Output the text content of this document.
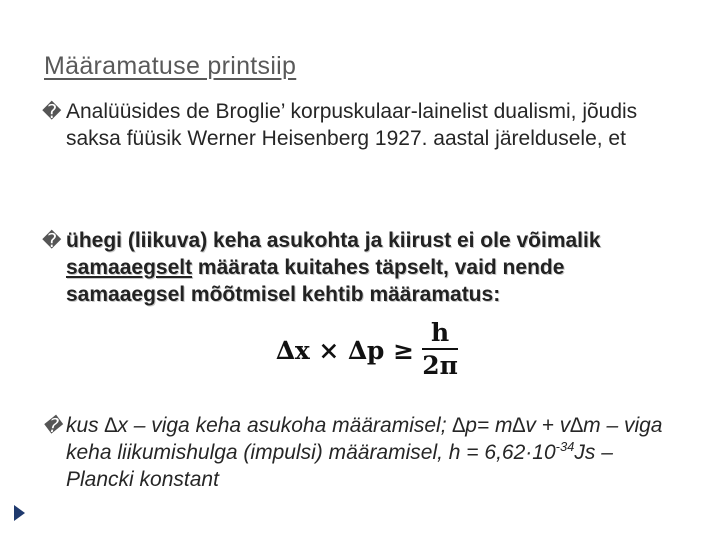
Määramatuse printsiip
� Analüüsides de Broglie’ korpuskulaar-lainelist dualismi, jõudis saksa füüsik Werner Heisenberg 1927. aastal järeldusele, et
� ühegi (liikuva) keha asukohta ja kiirust ei ole võimalik samaaegselt määrata kuitahes täpselt, vaid nende samaaegsel mõõtmisel kehtib määramatus:
$\Delta x \times \Delta p \ge \frac{h}{2\pi}$
� kus ∆x – viga keha asukoha määramisel; ∆p= m∆v + v∆m – viga keha liikumishulga (impulsi) määramisel, $h = 6,62\cdot 10^{-34}Js$ – Plancki konstant
